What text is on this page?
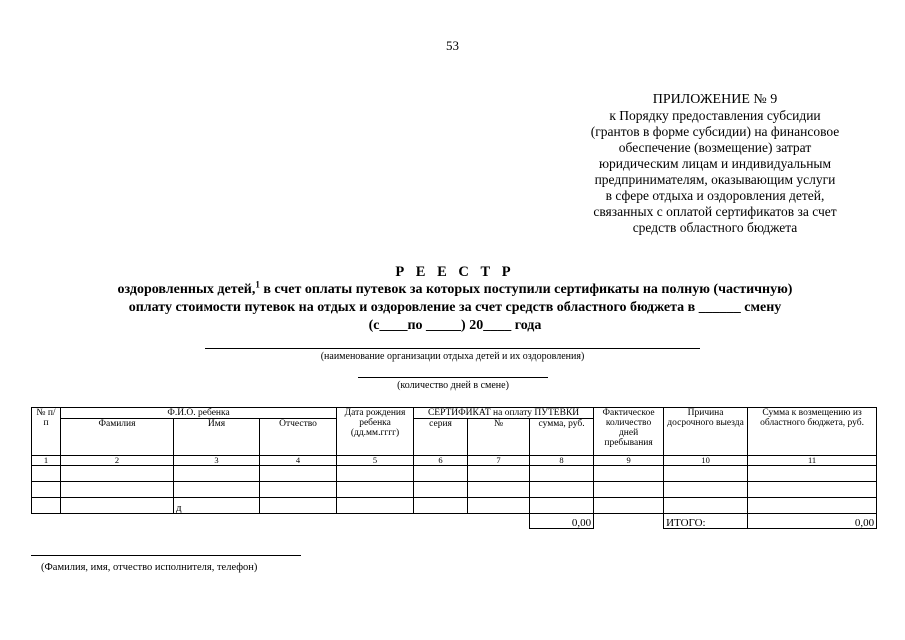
53
ПРИЛОЖЕНИЕ № 9
к Порядку предоставления субсидии
(грантов в форме субсидии) на финансовое
обеспечение (возмещение) затрат
юридическим лицам и индивидуальным
предпринимателям, оказывающим услуги
в сфере отдыха и оздоровления детей,
связанных с оплатой сертификатов за счет
средств областного бюджета
Р Е Е С Т Р
оздоровленных детей,$^1$ в счет оплаты путевок за которых поступили сертификаты на полную (частичную)
оплату стоимости путевок на отдых и оздоровление за счет средств областного бюджета в ______ смену
(с____по _____) 20____ года
(наименование организации отдыха детей и их оздоровления)
(количество дней в смене)
№ п/п	Ф.И.О. ребенка			Дата рождения ребенка (дд.мм.гггг)	СЕРТИФИКАТ на оплату ПУТЕВКИ			Фактическое количество дней пребывания	Причина досрочного выезда	Сумма к возмещению из областного бюджета, руб.
	Фамилия	Имя	Отчество		серия	№	сумма, руб.			
1	2	3	4	5	6	7	8	9	10	11

		д								
							0,00		ИТОГО:	0,00
(Фамилия, имя, отчество исполнителя, телефон)
